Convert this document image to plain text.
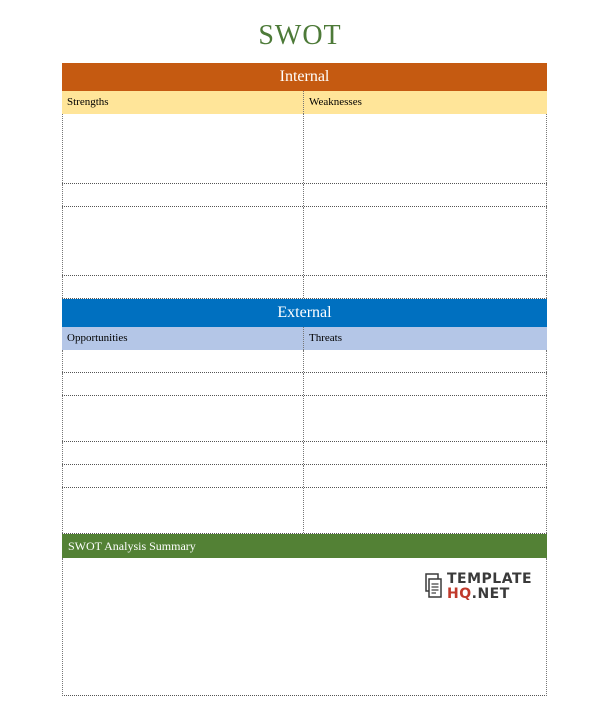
SWOT
Internal
Strengths	Weaknesses
External
Opportunities	Threats
SWOT Analysis Summary
TEMPLATE
HQ.NET
